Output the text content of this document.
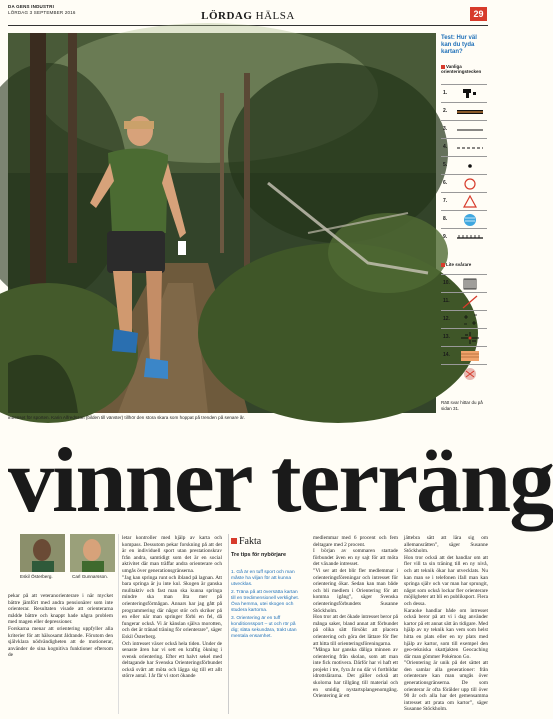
DA GENS INDUSTRI
LÖRDAG 3 SEPTEMBER 2016	LÖRDAG HÄLSA	29
intresset för sporten. Karin Alfredsson (bilden till vänster) tillhör den stora skara som hoppat på trenden på senare år.
Test: Hur väl kan du tyda kartan?
Vanliga orienteringstecken
1.
2.
3.
4.
5.
6.
7.
8.
9.
Lite svårare
10.
11.
12.
13.
14.
Rätt svar hittar du på sidan 31.
vinner terräng
Eskil Österberg.	Carl Gunnarsson.

pekar på att veteranorienterare i när mycket bättre jämfört med andra pensionärer som inte orienterar. Resultaten visade att orienterarna mådde bättre och knappt hade några problem med magen eller depressioner.

Forskarna menar att orientering uppfyller alla kriterier för att hälsosamt åldrande. Förutom den självklara nödvändigheten att de motionerar, använder de sina kognitiva funktioner eftersom de

letar kontroller med hjälp av karta och kompass. Dessutom pekar forskning på att det är en individuell sport utan prestationskrav från andra, samtidigt som det är en social aktivitet där man träffar andra orienterare och umgås över generationsgränserna.

”Jag kan springa runt och ibland på lagnan. Att bara springa är ju inte kul. Skogen är ganska mulitaktiv och fast man ska kunna springa mindre ska man lita mer på orienteringsförmågan. Annars har jag gått på programmering där något stör och skriker på en eller när man springer förbi en fel, då fungerar också. Vi är känslan själva morotten, och det är tränad träning för orienterare”, säger Eskil Österberg.

Och intresset växer också hela tiden. Under de senaste åren har vi sett en kraftig ökning i svensk orientering. Efter ett halvt sekel med deltagande har Svenska Orienteringsförbundet också svårt att möta och lägga sig till ett allt större antal. I år får vi stort ökande

Fakta
Tre tips för nybörjare

1. Gå är en tuff sport och man måste ha viljan för att kunna utvecklas.

2. Träna på att översätta kartan till en tredimensionell verklighet. Öva hemma, utei skogen och studera kartorna.

3. Orientering är en tuff konditionssport – ut och rör på dig; släta sekundära, trakt utan mentala ensamhet.

medlemmar med 6 procent och fem deltagare med 2 procent.

I början av sommaren startade förbundet även en ny sajt för att möta det växande intresset.

”Vi ser att det blir fler medlemmar i orienteringsföreningar och intresset för orientering ökar. Sedan kan man både och bli medlem i Orientering för att komma igång”, säger Svenska orienteringsförbundets Susanne Stöckholm.

Hon tror att det ökade intresset beror på många saker, bland annat att förbundet på olika sätt försökt att placera orientering och göra det lättare för fler att hitta till orienteringsföreningarna.

”Många har ganska dåliga minnen av orientering från skolan, som att man inte fick motivera. Därför har vi haft ett projekt i tre, fyra år nu där vi fortbildar idrottslärarna. Det gäller också att skolorna har tillgång till material och en smidig nystartsplangenomgång. Orientering är ett

jättebra sätt att lära sig om allemansrätten”, säger Susanne Stöckholm.

Hon tror också att det handlar om att fler vill ta sin träning till en ny nivå, och att teknik ökar har utvecklats. Nu kan man se i telefonen ifall man kan springa själv och var man har sprungit, något som också lockar fler orienterare möjligheter att bli en publiksport. Flera och dessa.

Karaoke handlar både om intresset också beror på att vi i dag använder kartor på ett annat sätt än tidigare. Med hjälp av ny teknik kan vem som helst hitta en plats eller en ny plats med hjälp av kartor, som till exempel den geo-tekniska skattjakten Geocaching där man gömmer Pokémon Go.

”Orientering är unik på det sättet att den samlar alla generationer: från orienterare kan man umgås över generationsgränserna. De som orienterar är ofta förälder upp till över 90 år och alla har det gemensamma intresset att prata om kartor”, säger Susanne Stöckholm.
